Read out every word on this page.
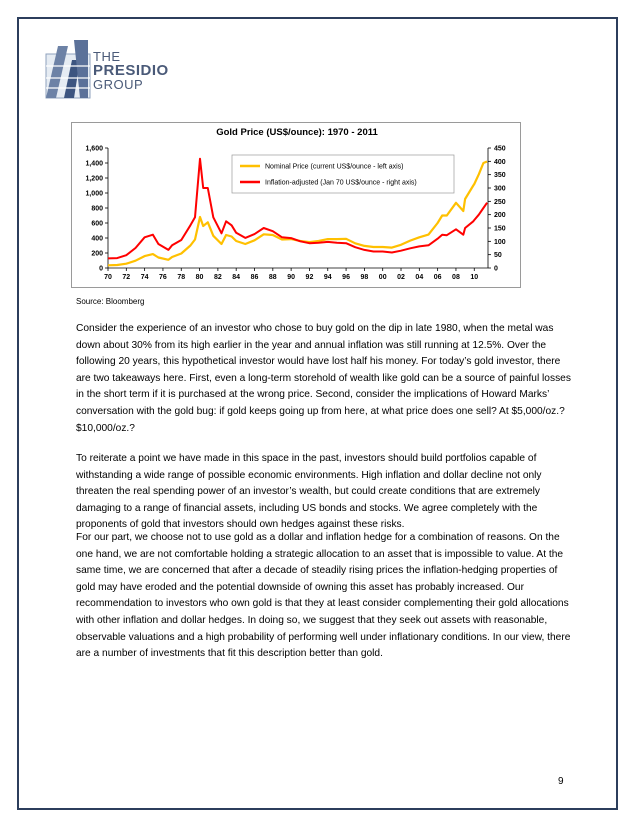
THE
PRESIDIO
GROUP
Gold Price (US$/ounce): 1970 - 2011
0
200
400
600
800
1,000
1,200
1,400
1,600
0
50
100
150
200
250
300
350
400
450
70 72 74 76 78 80 82 84 86 88 90 92 94 96 98 00 02 04 06 08 10
Nominal Price (current US$/ounce - left axis)
Inflation-adjusted (Jan 70 US$/ounce - right axis)
Source: Bloomberg

Consider the experience of an investor who chose to buy gold on the dip in late 1980, when the metal was down about 30% from its high earlier in the year and annual inflation was still running at 12.5%. Over the following 20 years, this hypothetical investor would have lost half his money. For today’s gold investor, there are two takeaways here. First, even a long-term storehold of wealth like gold can be a source of painful losses in the short term if it is purchased at the wrong price. Second, consider the implications of Howard Marks’ conversation with the gold bug: if gold keeps going up from here, at what price does one sell? At $5,000/oz.? $10,000/oz.?

To reiterate a point we have made in this space in the past, investors should build portfolios capable of withstanding a wide range of possible economic environments. High inflation and dollar decline not only threaten the real spending power of an investor’s wealth, but could create conditions that are extremely damaging to a range of financial assets, including US bonds and stocks. We agree completely with the proponents of gold that investors should own hedges against these risks.

For our part, we choose not to use gold as a dollar and inflation hedge for a combination of reasons. On the one hand, we are not comfortable holding a strategic allocation to an asset that is impossible to value. At the same time, we are concerned that after a decade of steadily rising prices the inflation-hedging properties of gold may have eroded and the potential downside of owning this asset has probably increased. Our recommendation to investors who own gold is that they at least consider complementing their gold allocations with other inflation and dollar hedges. In doing so, we suggest that they seek out assets with reasonable, observable valuations and a high probability of performing well under inflationary conditions. In our view, there are a number of investments that fit this description better than gold.

9
